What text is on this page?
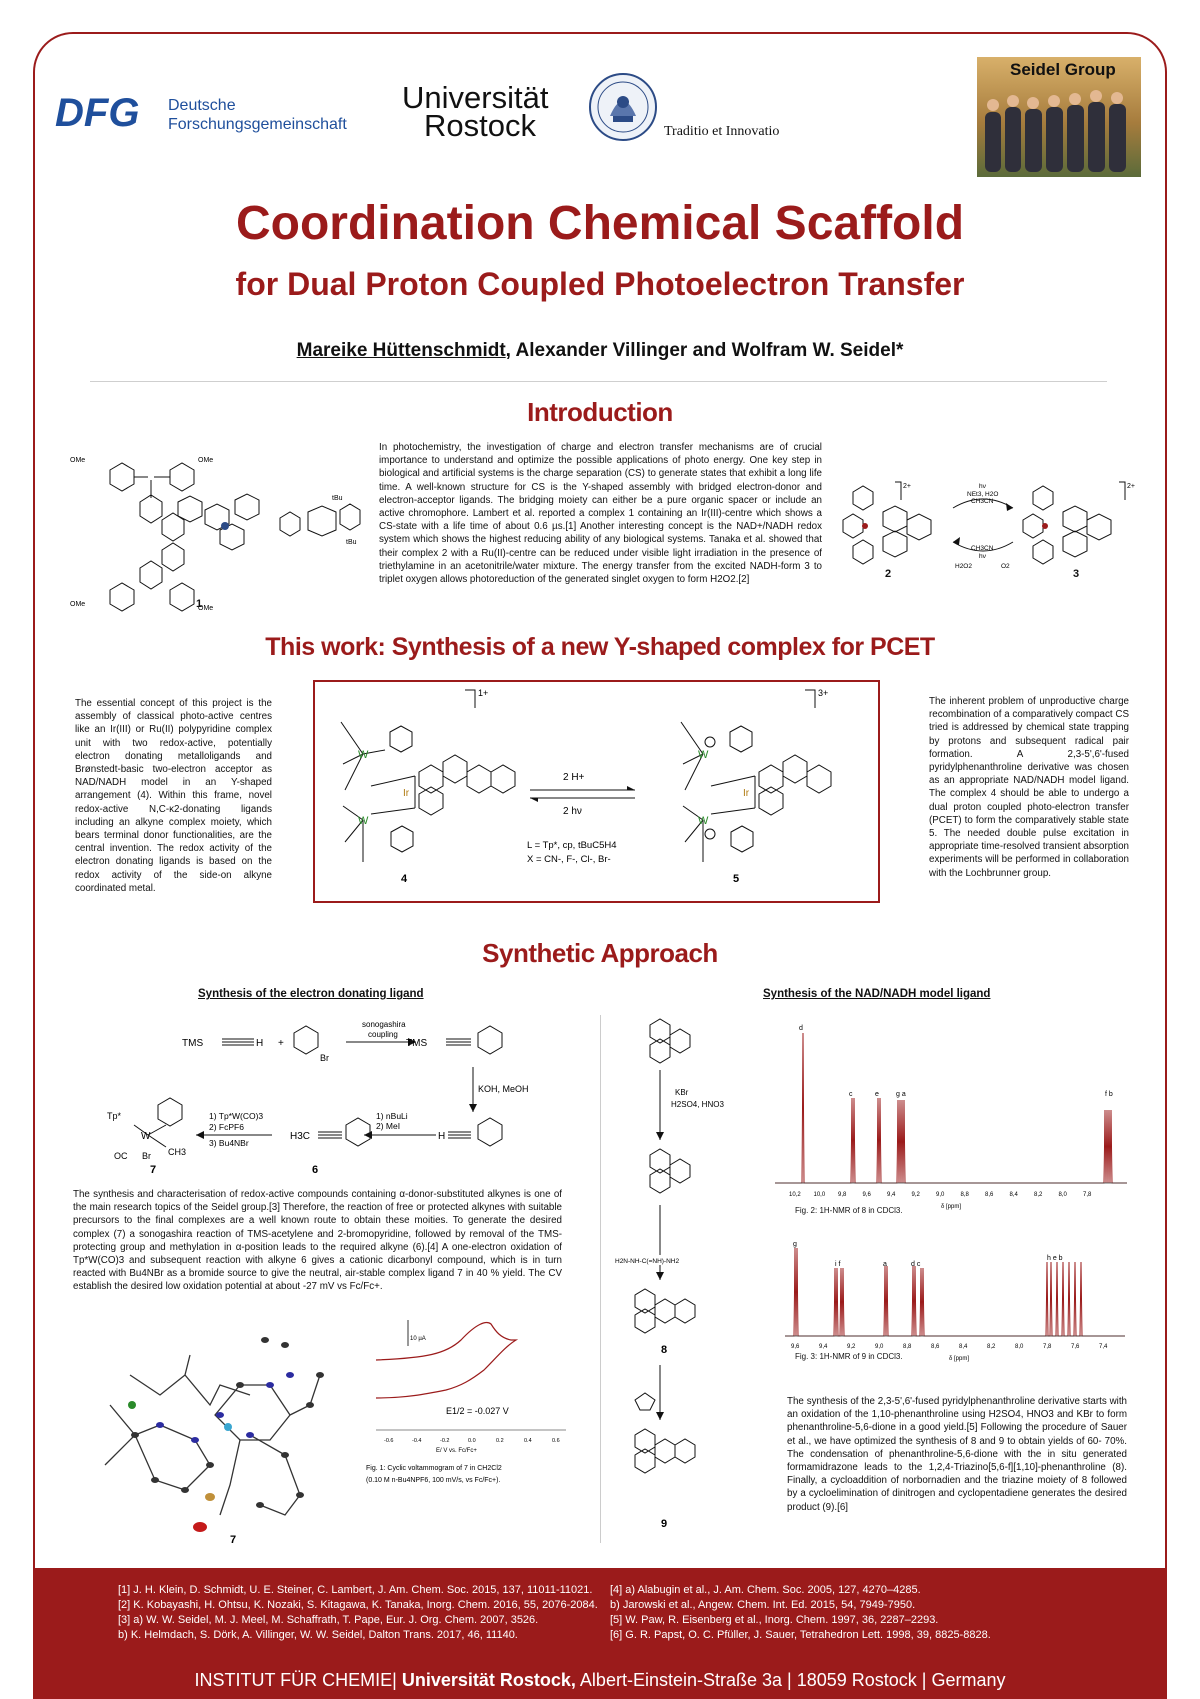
DFG Deutsche
Forschungsgemeinschaft
Universität
Rostock	Traditio et Innovatio
Seidel Group
Coordination Chemical Scaffold
for Dual Proton Coupled Photoelectron Transfer
Mareike Hüttenschmidt, Alexander Villinger and Wolfram W. Seidel*
Introduction
OMe	OMe
OMe
OMe
tBu
tBu
1
In photochemistry, the investigation of charge and electron transfer mechanisms are of crucial importance to understand and optimize the possible applications of photo energy. One key step in biological and artificial systems is the charge separation (CS) to generate states that exhibit a long life time. A well-known structure for CS is the Y-shaped assembly with bridged electron-donor and electron-acceptor ligands. The bridging moiety can either be a pure organic spacer or include an active chromophore. Lambert et al. reported a complex 1 containing an Ir(III)-centre which shows a CS-state with a life time of about 0.6 µs.[1] Another interesting concept is the NAD+/NADH redox system which shows the highest reducing ability of any biological systems. Tanaka et al. showed that their complex 2 with a Ru(II)-centre can be reduced under visible light irradiation in the presence of triethylamine in an acetonitrile/water mixture. The energy transfer from the excited NADH-form 3 to triplet oxygen allows photoreduction of the generated singlet oxygen to form H2O2.[2]
2+	2+
hν
NEt3, H2O
CH3CN
CH3CN
hν
H2O2	O2
2	3
This work: Synthesis of a new Y-shaped complex for PCET
The essential concept of this project is the assembly of classical photo-active centres like an Ir(III) or Ru(II) polypyridine complex unit with two redox-active, potentially electron donating metalloligands and Brønstedt-basic two-electron acceptor as NAD/NADH model in an Y-shaped arrangement (4). Within this frame, novel redox-active N,C-κ2-donating ligands including an alkyne complex moiety, which bears terminal donor functionalities, are the central invention. The redox activity of the electron donating ligands is based on the redox activity of the side-on alkyne coordinated metal.
W
W
W
W
Ir	Ir
1+	3+
2 H+
2 hν
L = Tp*, cp, tBuC5H4
X = CN-, F-, Cl-, Br-
4	5
The inherent problem of unproductive charge recombination of a comparatively compact CS tried is addressed by chemical state trapping by protons and subsequent radical pair formation. A 2,3-5',6'-fused pyridylphenanthroline derivative was chosen as an appropriate NAD/NADH model ligand. The complex 4 should be able to undergo a dual proton coupled photo-electron transfer (PCET) to form the comparatively stable state 5. The needed double pulse excitation in appropriate time-resolved transient absorption experiments will be performed in collaboration with the Lochbrunner group.
Synthetic Approach
Synthesis of the electron donating ligand	Synthesis of the NAD/NADH model ligand
TMS	H +
Br
sonogashira
coupling
TMS
KOH, MeOH
H
1) nBuLi
2) MeI
H3C
1) Tp*W(CO)3
2) FcPF6
3) Bu4NBr
Tp*
W
OC Br CH3
7	6
The synthesis and characterisation of redox-active compounds containing α-donor-substituted alkynes is one of the main research topics of the Seidel group.[3] Therefore, the reaction of free or protected alkynes with suitable precursors to the final complexes are a well known route to obtain these moities. To generate the desired complex (7) a sonogashira reaction of TMS-acetylene and 2-bromopyridine, followed by removal of the TMS-protecting group and methylation in α-position leads to the required alkyne (6).[4] A one-electron oxidation of Tp*W(CO)3 and subsequent reaction with alkyne 6 gives a cationic dicarbonyl compound, which is in turn reacted with Bu4NBr as a bromide source to give the neutral, air-stable complex ligand 7 in 40 % yield. The CV establish the desired low oxidation potential at about -27 mV vs Fc/Fc+.
7
10 µA
E1/2 = -0.027 V
-0.6	-0.4	-0.2	0.0	0.2	0.4	0.6
E/ V vs. Fc/Fc+
Fig. 1: Cyclic voltammogram of 7 in CH2Cl2
(0.10 M n-Bu4NPF6, 100 mV/s, vs Fc/Fc+).
KBr
H2SO4, HNO3
H2N-NH-C(=NH)-NH2
8
9
10,2 10,0 9,8	9,6	9,4	9,2	9,0	8,8	8,6	8,4	8,2	8,0	7,8
δ [ppm]
d
c	e g a	f b
Fig. 2: 1H-NMR of 8 in CDCl3.
9,6	9,4	9,2	9,0	8,8	8,6	8,4	8,2	8,0	7,8	7,6	7,4
δ [ppm]
g
i f	a	d c
h e b
Fig. 3: 1H-NMR of 9 in CDCl3.
The synthesis of the 2,3-5',6'-fused pyridylphenanthroline derivative starts with an oxidation of the 1,10-phenanthroline using H2SO4, HNO3 and KBr to form phenanthroline-5,6-dione in a good yield.[5] Following the procedure of Sauer et al., we have optimized the synthesis of 8 and 9 to obtain yields of 60- 70%. The condensation of phenanthroline-5,6-dione with the in situ generated formamidrazone leads to the 1,2,4-Triazino[5,6-f][1,10]-phenanthroline (8). Finally, a cycloaddition of norbornadien and the triazine moiety of 8 followed by a cycloelimination of dinitrogen and cyclopentadiene generates the desired product (9).[6]
[1] J. H. Klein, D. Schmidt, U. E. Steiner, C. Lambert, J. Am. Chem. Soc. 2015, 137, 11011-11021.
[2] K. Kobayashi, H. Ohtsu, K. Nozaki, S. Kitagawa, K. Tanaka, Inorg. Chem. 2016, 55, 2076-2084.
[3] a) W. W. Seidel, M. J. Meel, M. Schaffrath, T. Pape, Eur. J. Org. Chem. 2007, 3526.
b) K. Helmdach, S. Dörk, A. Villinger, W. W. Seidel, Dalton Trans. 2017, 46, 11140.
[4] a) Alabugin et al., J. Am. Chem. Soc. 2005, 127, 4270–4285.
b) Jarowski et al., Angew. Chem. Int. Ed. 2015, 54, 7949-7950.
[5] W. Paw, R. Eisenberg et al., Inorg. Chem. 1997, 36, 2287–2293.
[6] G. R. Papst, O. C. Pfüller, J. Sauer, Tetrahedron Lett. 1998, 39, 8825-8828.
INSTITUT FÜR CHEMIE| Universität Rostock, Albert-Einstein-Straße 3a | 18059 Rostock | Germany
